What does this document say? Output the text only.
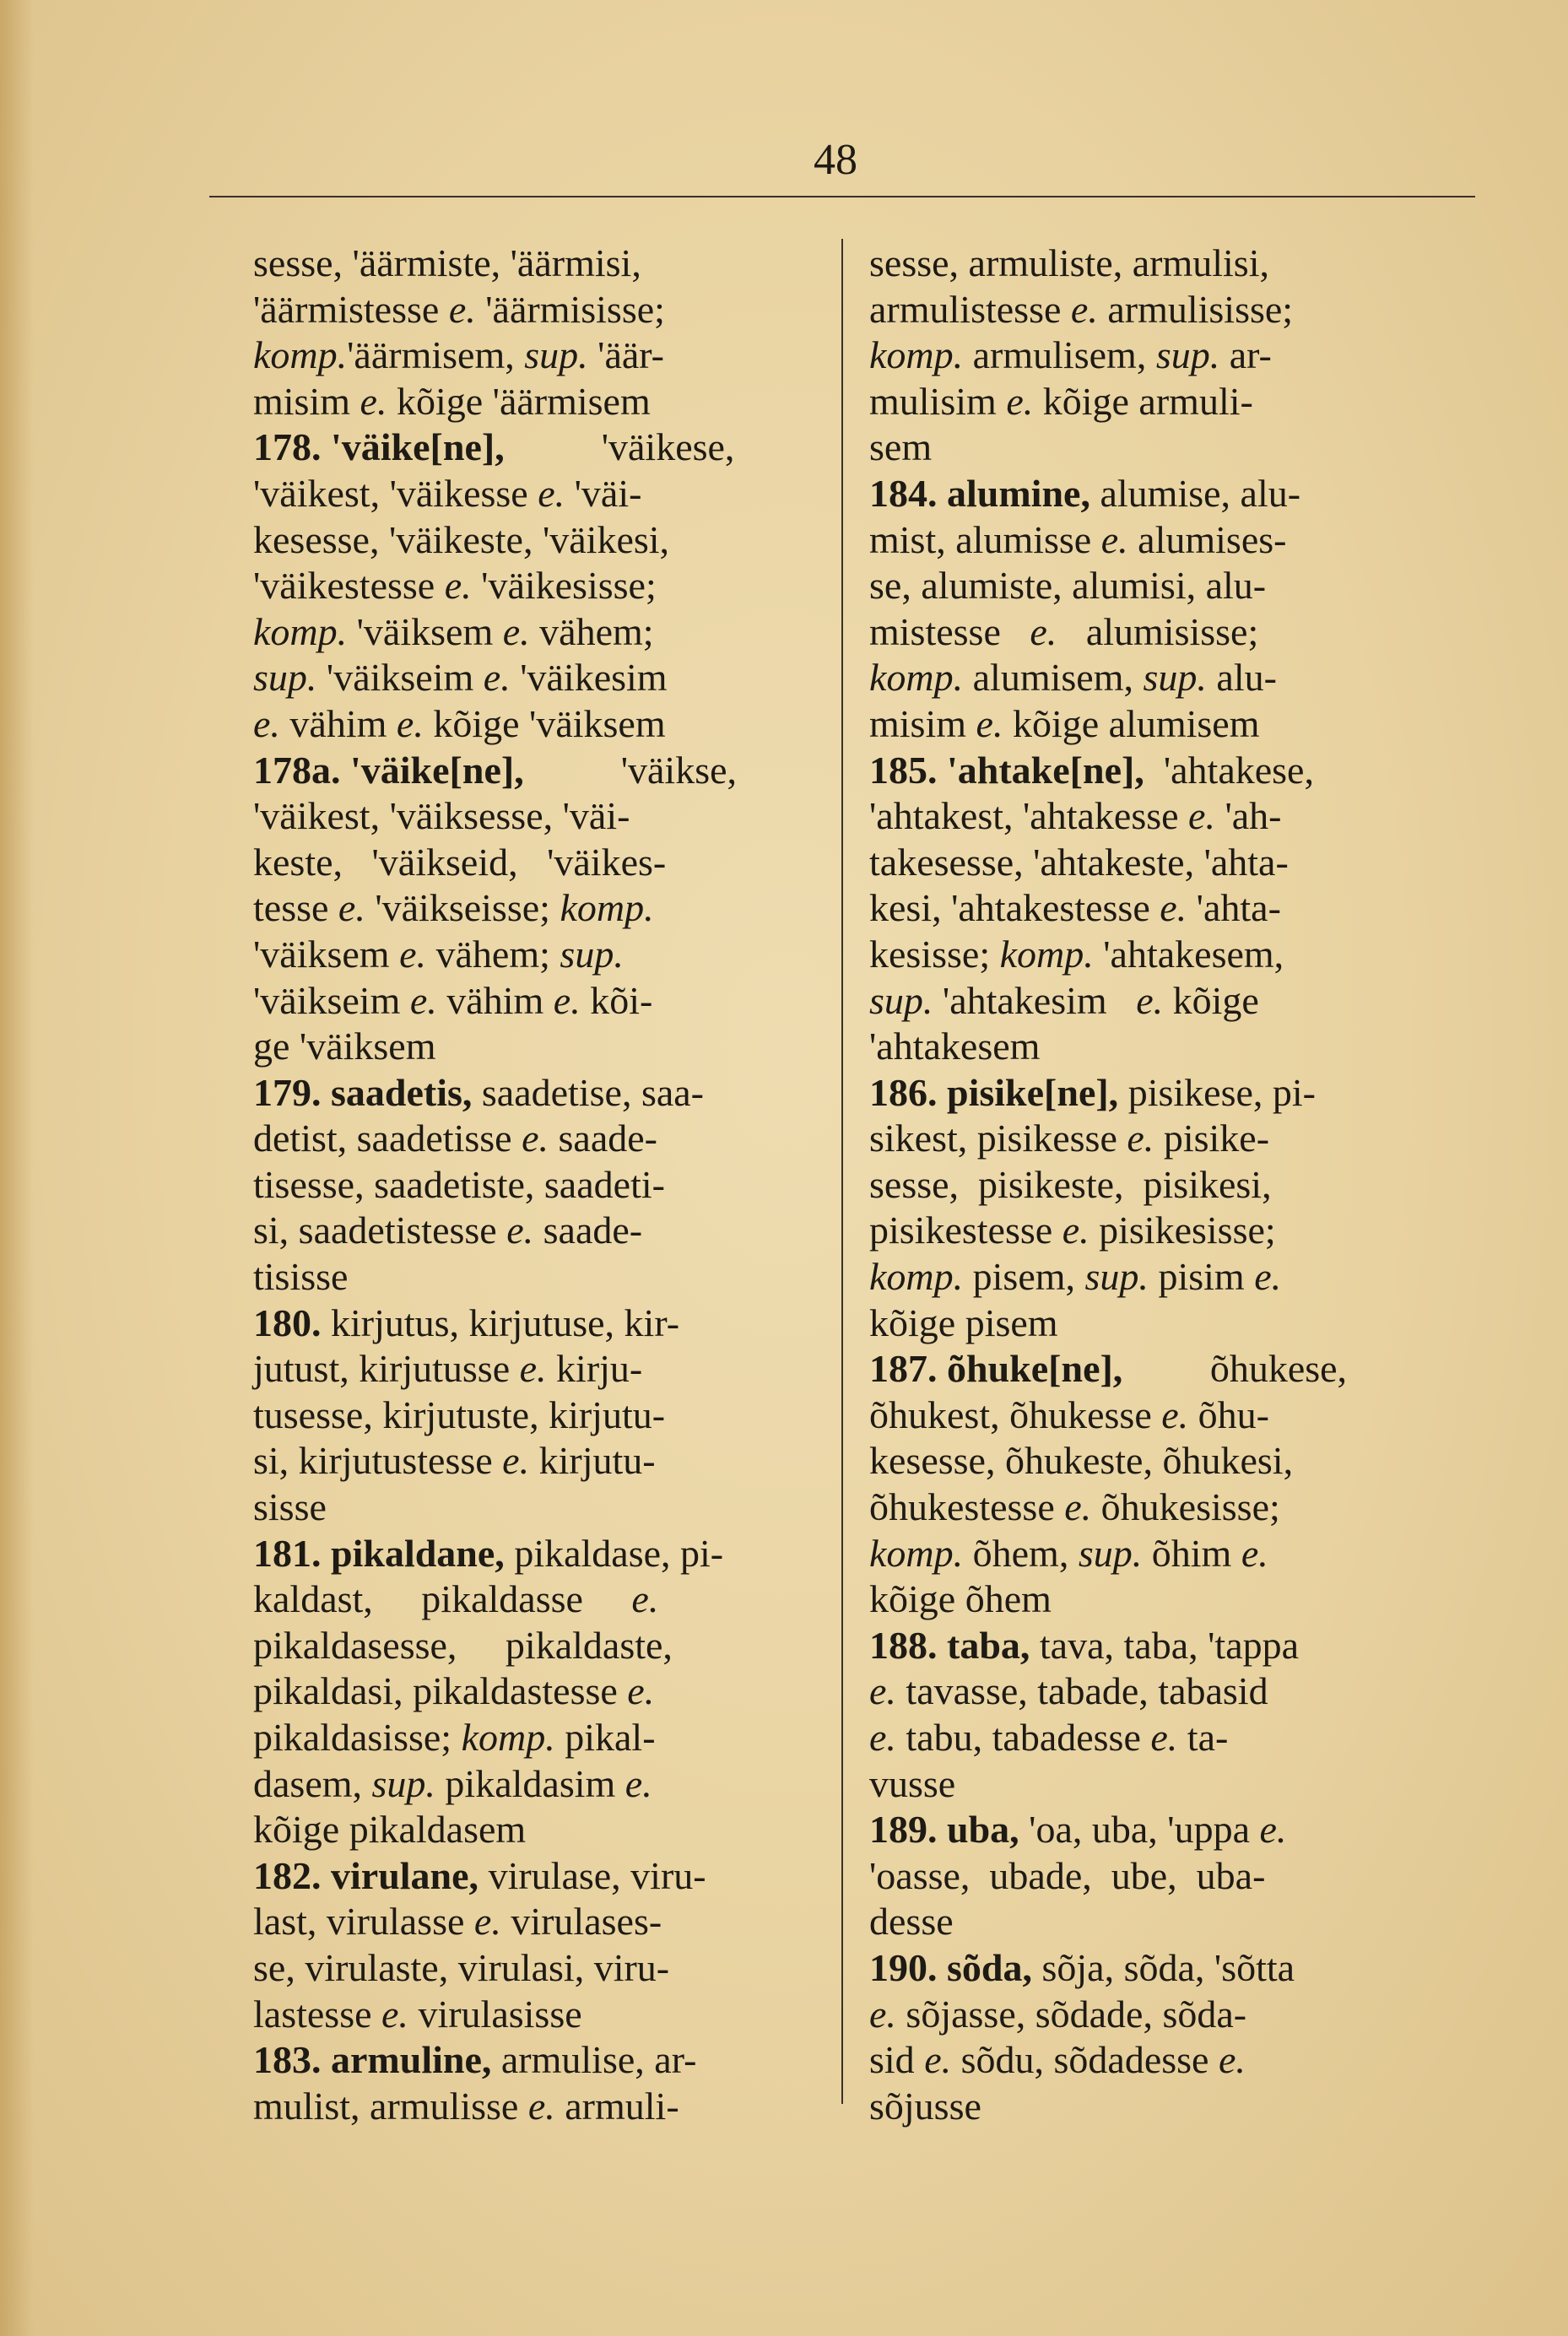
48
sesse, 'äärmiste, 'äärmisi,
'äärmistesse e. 'äärmisisse;
komp.'äärmisem, sup. 'äär-
misim e. kõige 'äärmisem
178. 'väike[ne],          'väikese,
'väikest, 'väikesse e. 'väi-
kesesse, 'väikeste, 'väikesi,
'väikestesse e. 'väikesisse;
komp. 'väiksem e. vähem;
sup. 'väikseim e. 'väikesim
e. vähim e. kõige 'väiksem
178a. 'väike[ne],          'väikse,
'väikest, 'väiksesse, 'väi-
keste,   'väikseid,   'väikes-
tesse e. 'väikseisse; komp.
'väiksem e. vähem; sup.
'väikseim e. vähim e. kõi-
ge 'väiksem
179. saadetis, saadetise, saa-
detist, saadetisse e. saade-
tisesse, saadetiste, saadeti-
si, saadetistesse e. saade-
tisisse
180. kirjutus, kirjutuse, kir-
jutust, kirjutusse e. kirju-
tusesse, kirjutuste, kirjutu-
si, kirjutustesse e. kirjutu-
sisse
181. pikaldane, pikaldase, pi-
kaldast,     pikaldasse     e.
pikaldasesse,     pikaldaste,
pikaldasi, pikaldastesse e.
pikaldasisse; komp. pikal-
dasem, sup. pikaldasim e.
kõige pikaldasem
182. virulane, virulase, viru-
last, virulasse e. virulases-
se, virulaste, virulasi, viru-
lastesse e. virulasisse
183. armuline, armulise, ar-
mulist, armulisse e. armuli-
sesse, armuliste, armulisi,
armulistesse e. armulisisse;
komp. armulisem, sup. ar-
mulisim e. kõige armuli-
sem
184. alumine, alumise, alu-
mist, alumisse e. alumises-
se, alumiste, alumisi, alu-
mistesse   e.   alumisisse;
komp. alumisem, sup. alu-
misim e. kõige alumisem
185. 'ahtake[ne],  'ahtakese,
'ahtakest, 'ahtakesse e. 'ah-
takesesse, 'ahtakeste, 'ahta-
kesi, 'ahtakestesse e. 'ahta-
kesisse; komp. 'ahtakesem,
sup. 'ahtakesim   e. kõige
'ahtakesem
186. pisike[ne], pisikese, pi-
sikest, pisikesse e. pisike-
sesse,  pisikeste,  pisikesi,
pisikestesse e. pisikesisse;
komp. pisem, sup. pisim e.
kõige pisem
187. õhuke[ne],         õhukese,
õhukest, õhukesse e. õhu-
kesesse, õhukeste, õhukesi,
õhukestesse e. õhukesisse;
komp. õhem, sup. õhim e.
kõige õhem
188. taba, tava, taba, 'tappa
e. tavasse, tabade, tabasid
e. tabu, tabadesse e. ta-
vusse
189. uba, 'oa, uba, 'uppa e.
'oasse,  ubade,  ube,  uba-
desse
190. sõda, sõja, sõda, 'sõtta
e. sõjasse, sõdade, sõda-
sid e. sõdu, sõdadesse e.
sõjusse
